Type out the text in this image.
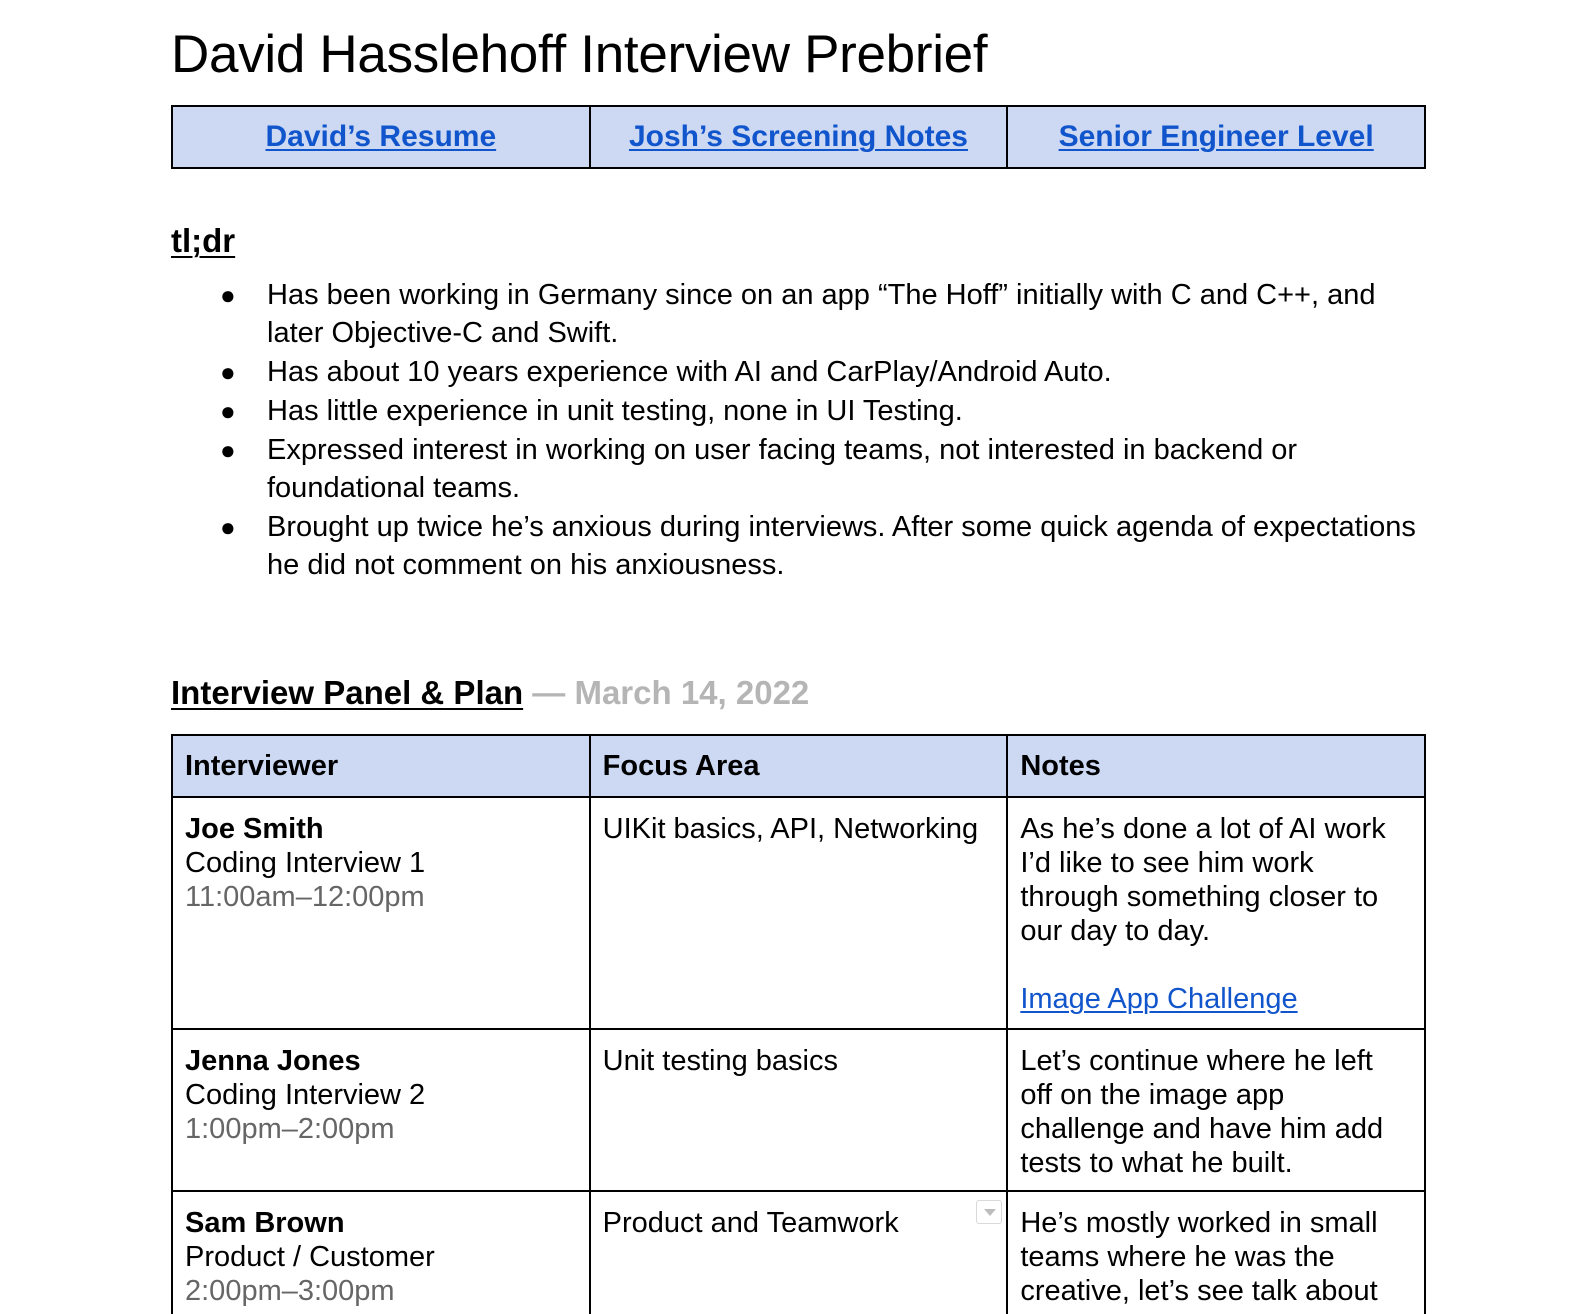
David Hasslehoff Interview Prebrief
David’s Resume	Josh’s Screening Notes	Senior Engineer Level
tl;dr
● Has been working in Germany since on an app “The Hoff” initially with C and C++, and later Objective-C and Swift.
● Has about 10 years experience with AI and CarPlay/Android Auto.
● Has little experience in unit testing, none in UI Testing.
● Expressed interest in working on user facing teams, not interested in backend or foundational teams.
● Brought up twice he’s anxious during interviews. After some quick agenda of expectations he did not comment on his anxiousness.
Interview Panel & Plan — March 14, 2022
Interviewer	Focus Area	Notes

Joe Smith
Coding Interview 1
11:00am–12:00pm	UIKit basics, API, Networking	As he’s done a lot of AI work I’d like to see him work through something closer to our day to day.
Image App Challenge

Jenna Jones
Coding Interview 2
1:00pm–2:00pm	Unit testing basics	Let’s continue where he left off on the image app challenge and have him add tests to what he built.

Sam Brown
Product / Customer
2:00pm–3:00pm	Product and Teamwork	He’s mostly worked in small teams where he was the creative, let’s see talk about
